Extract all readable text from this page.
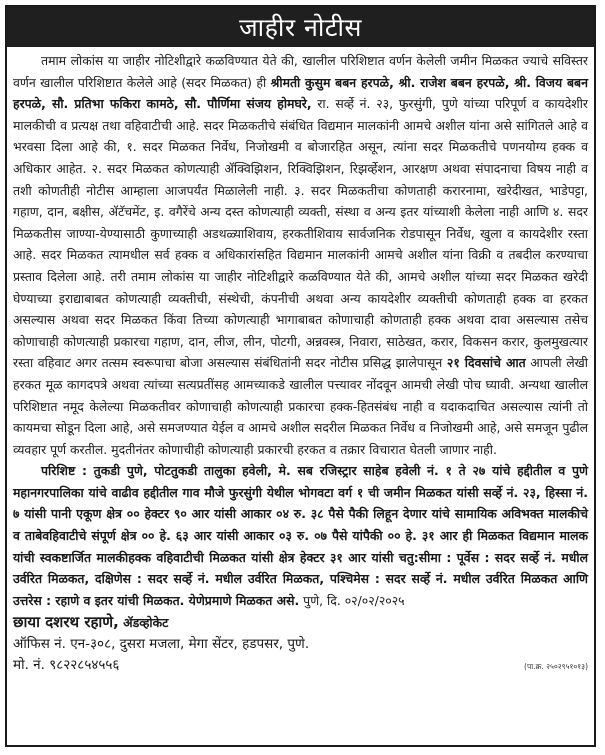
जाहीर नोटीस

तमाम लोकांस या जाहीर नोटिशीद्वारे कळविण्यात येते की, खालील परिशिष्टात वर्णन केलेली जमीन मिळकत ज्याचे सविस्तर वर्णन खालील परिशिष्टात केलेले आहे (सदर मिळकत) ही श्रीमती कुसुम बबन हरपळे, श्री. राजेश बबन हरपळे, श्री. विजय बबन हरपळे, सौ. प्रतिभा फकिरा कामठे, सौ. पौर्णिमा संजय होमघरे, रा. सर्व्हे नं. २३, फुरसुंगी, पुणे यांच्या परिपूर्ण व कायदेशीर मालकीची व प्रत्यक्ष तथा वहिवाटीची आहे. सदर मिळकतीचे संबंधित विद्यमान मालकांनी आमचे अशील यांना असे सांगितले आहे व भरवसा दिला आहे की, १. सदर मिळकत निर्वेध, निजोखमी व बोजारहित असून, त्यांना सदर मिळकतीचे पणनयोग्य हक्क व अधिकार आहेत. २. सदर मिळकत कोणत्याही ॲक्विझिशन, रिक्विझिशन, रिझर्व्हेशन, आरक्षण अथवा संपादनाचा विषय नाही व तशी कोणतीही नोटीस आम्हाला आजपर्यंत मिळालेली नाही. ३. सदर मिळकतीचा कोणताही करारनामा, खरेदीखत, भाडेपट्टा, गहाण, दान, बक्षीस, ॲटॅचमेंट, इ. वगैरेंचे अन्य दस्त कोणत्याही व्यक्ती, संस्था व अन्य इतर यांच्याशी केलेला नाही आणि ४. सदर मिळकतीस जाण्या-येण्यासाठी कुणाच्याही अडथळ्याशिवाय, हरकतीशिवाय सार्वजनिक रोडपासून निर्वेध, खुला व कायदेशीर रस्ता आहे. सदर मिळकत त्यामधील सर्व हक्क व अधिकारांसहित विद्यमान मालकांनी आमचे अशील यांना विक्री व तबदील करण्याचा प्रस्ताव दिलेला आहे. तरी तमाम लोकांस या जाहीर नोटिशीद्वारे कळविण्यात येते की, आमचे अशील यांच्या सदर मिळकत खरेदी घेण्याच्या इराद्याबाबत कोणत्याही व्यक्तीची, संस्थेची, कंपनीची अथवा अन्य कायदेशीर व्यक्तीची कोणताही हक्क वा हरकत असल्यास अथवा सदर मिळकत किंवा तिच्या कोणत्याही भागाबाबत कोणाचाही कोणताही हक्क अथवा दावा असल्यास तसेच कोणाचाही कोणत्याही प्रकारचा गहाण, दान, लीज, लीन, पोटगी, अन्नवस्त्र, निवारा, साठेखत, करार, विकसन करार, कुलमुखत्यार रस्ता वहिवाट अगर तत्सम स्वरूपाचा बोजा असल्यास संबंधितांनी सदर नोटीस प्रसिद्ध झालेपासून २१ दिवसांचे आत आपली लेखी हरकत मूळ कागदपत्रे अथवा त्यांच्या सत्यप्रतींसह आमच्याकडे खालील पत्त्यावर नोंदवून आमची लेखी पोच घ्यावी. अन्यथा खालील परिशिष्टात नमूद केलेल्या मिळकतीवर कोणाचाही कोणत्याही प्रकारचा हक्क-हितसंबंध नाही व यदाकदाचित असल्यास त्यांनी तो कायमचा सोडून दिला आहे, असे समजण्यात येईल व आमचे अशील सदरील मिळकत निर्वेध व निजोखमी आहे, असे समजून पुढील व्यवहार पूर्ण करतील. मुदतीनंतर कोणाचीही कोणत्याही प्रकारची हरकत व तक्रार विचारात घेतली जाणार नाही.

परिशिष्ट : तुकडी पुणे, पोटतुकडी तालुका हवेली, मे. सब रजिस्ट्रार साहेब हवेली नं. १ ते २७ यांचे हद्दीतील व पुणे महानगरपालिका यांचे वाढीव हद्दीतील गाव मौजे फुरसुंगी येथील भोगवटा वर्ग १ ची जमीन मिळकत यांसी सर्व्हे नं. २३, हिस्सा नं. ७ यांसी पानी एकूण क्षेत्र ०० हेक्टर ९० आर यांसी आकार ०४ रु. ३८ पैसे पैकी लिहून देणार यांचे सामायिक अविभक्त मालकीचे व ताबेवहिवाटीचे संपूर्ण क्षेत्र ०० हे. ६३ आर यांसी आकार ०३ रु. ०७ पैसे यांपैकी ०० हे. ३१ आर ही मिळकत विद्यमान मालक यांची स्वकष्टार्जित मालकीहक्क वहिवाटीची मिळकत यांसी क्षेत्र हेक्टर ३१ आर यांसी चतु:सीमा : पूर्वेस : सदर सर्व्हे नं. मधील उर्वरित मिळकत, दक्षिणेस : सदर सर्व्हे नं. मधील उर्वरित मिळकत, पश्चिमेस : सदर सर्व्हे नं. मधील उर्वरित मिळकत आणि उत्तरेस : रहाणे व इतर यांची मिळकत. येणेप्रमाणे मिळकत असे. पुणे, दि. ०२/०२/२०२५

छाया दशरथ रहाणे, ॲडव्होकेट
ऑफिस नं. एन-३०८, दुसरा मजला, मेगा सेंटर, हडपसर, पुणे.
मो. नं. ९८२२८५४५५६	(पा.क्र. २५०२९५१०१३)
